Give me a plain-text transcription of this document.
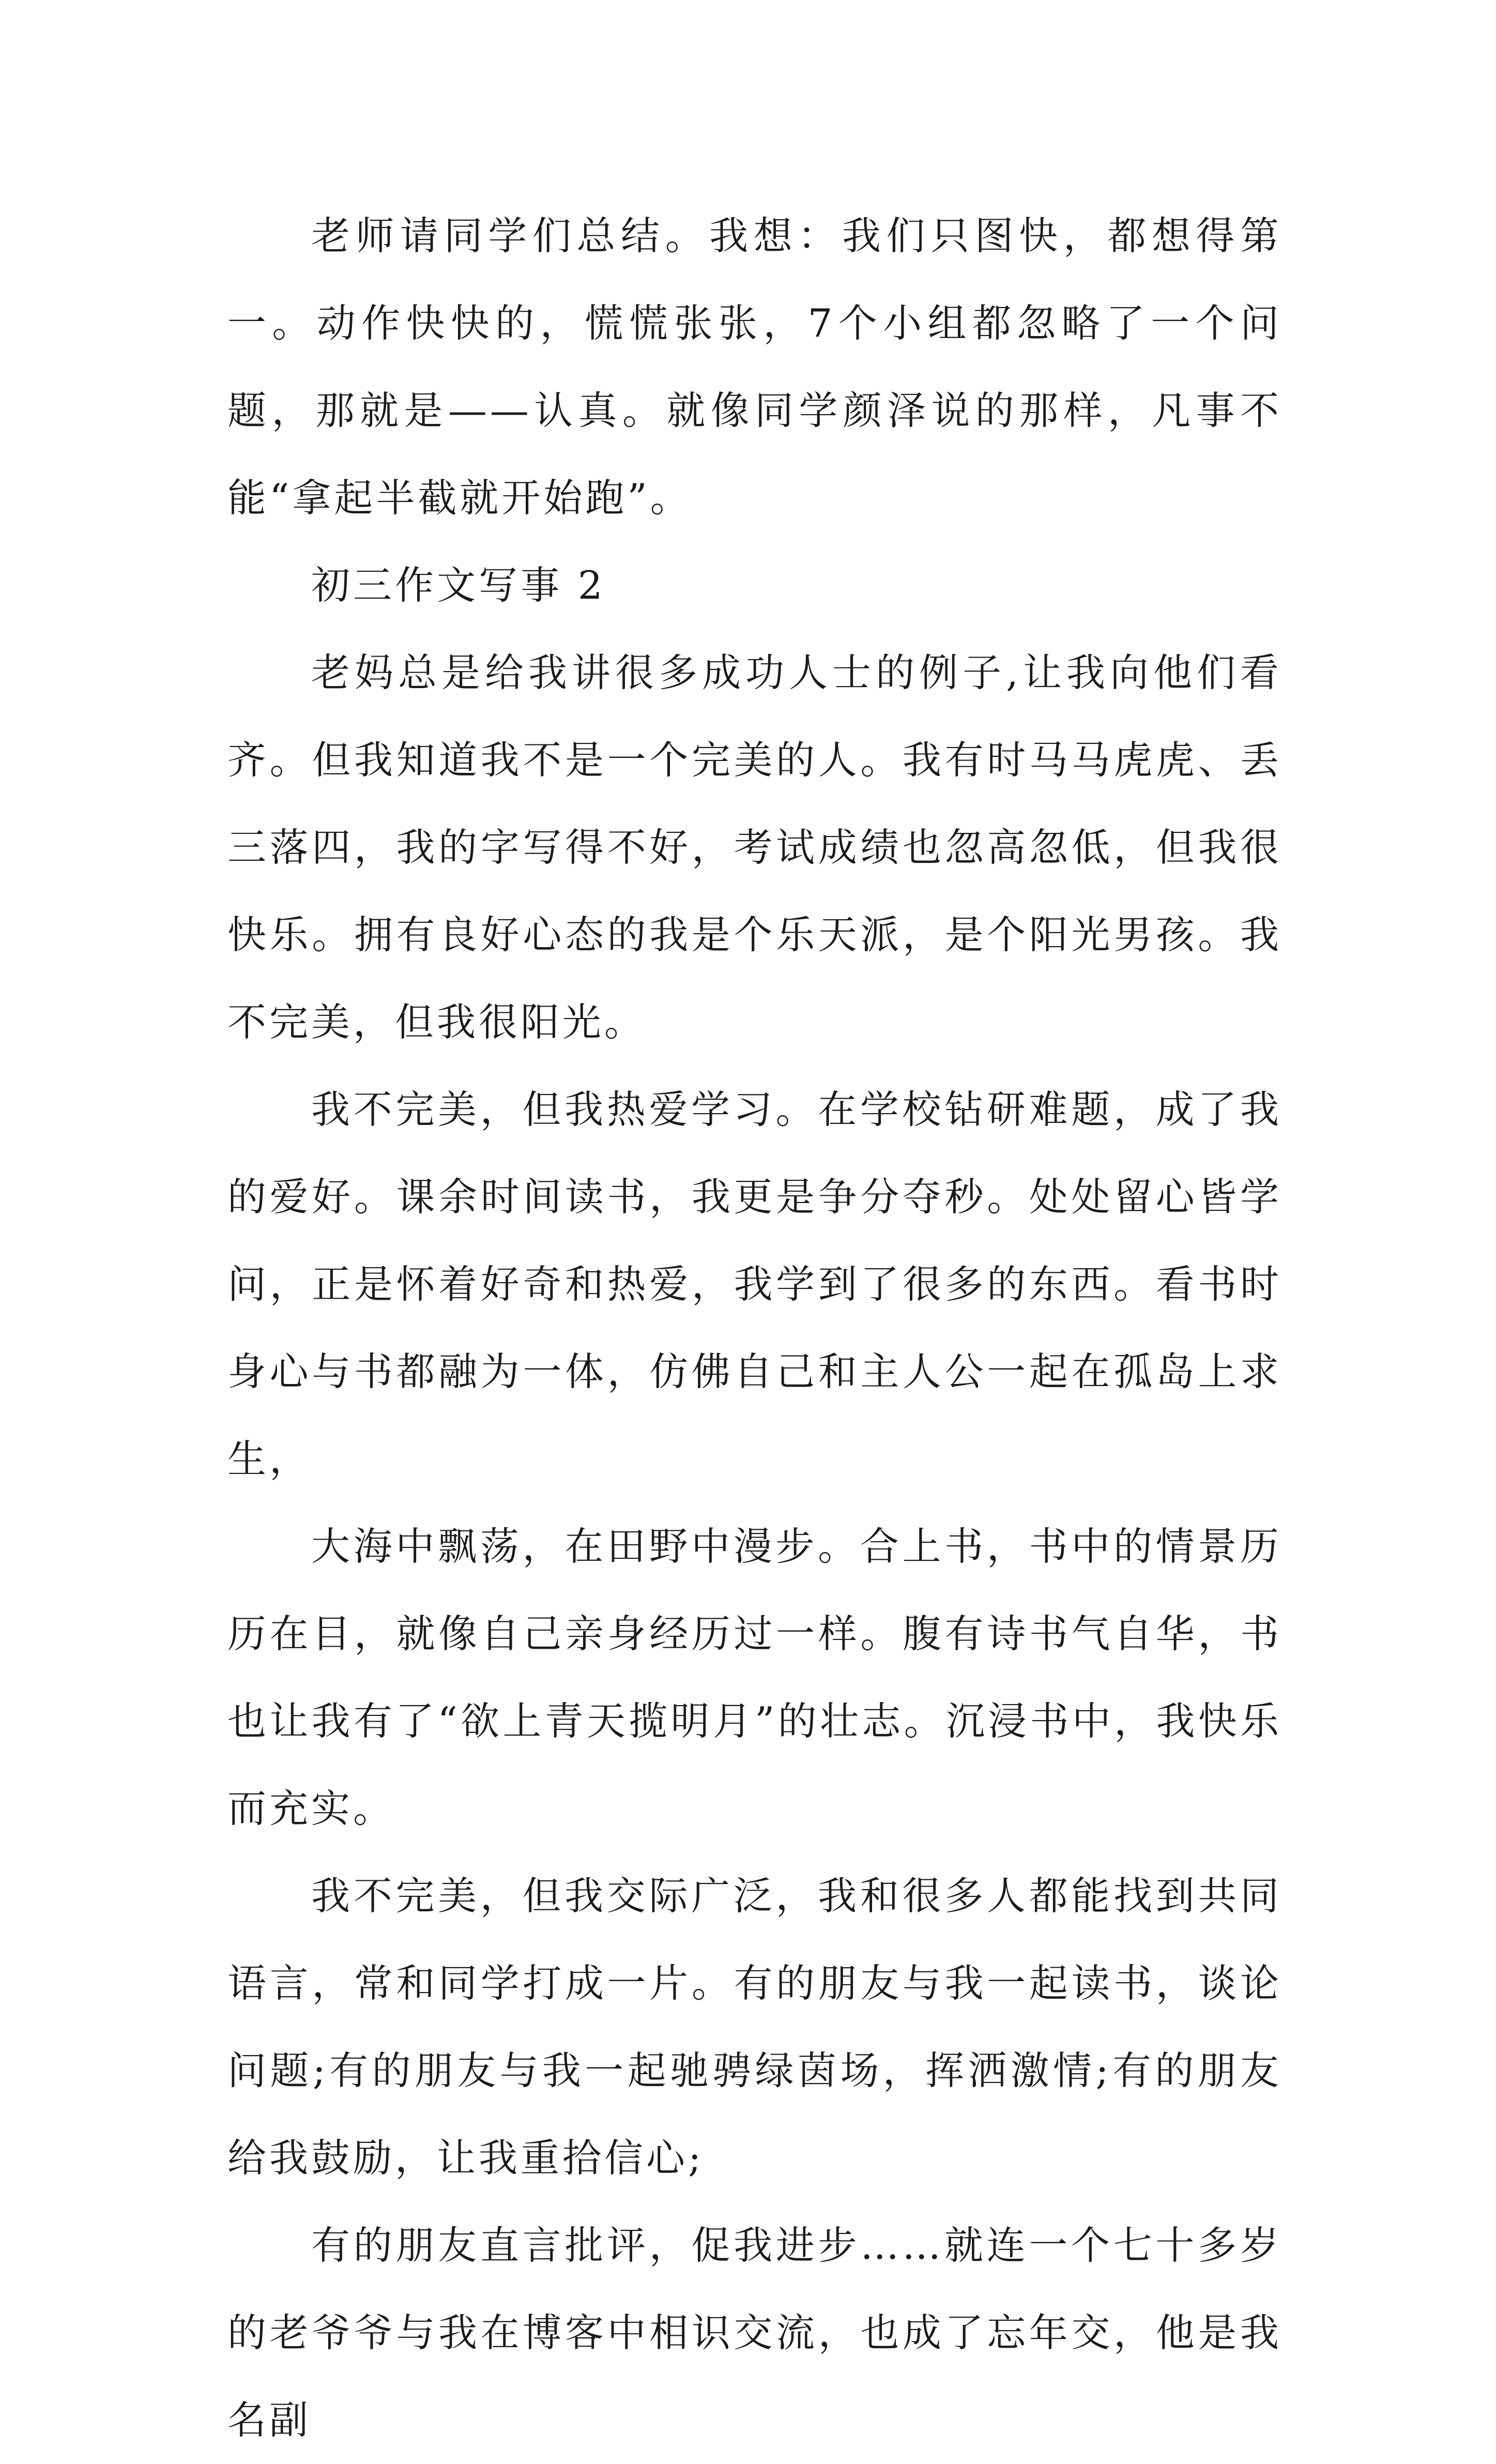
老师请同学们总结。我想：我们只图快，都想得第一。动作快快的，慌慌张张，7个小组都忽略了一个问题，那就是——认真。就像同学颜泽说的那样，凡事不能“拿起半截就开始跑”。

初三作文写事 2

老妈总是给我讲很多成功人士的例子,让我向他们看齐。但我知道我不是一个完美的人。我有时马马虎虎、丢三落四，我的字写得不好，考试成绩也忽高忽低，但我很快乐。拥有良好心态的我是个乐天派，是个阳光男孩。我不完美，但我很阳光。

我不完美，但我热爱学习。在学校钻研难题，成了我的爱好。课余时间读书，我更是争分夺秒。处处留心皆学问，正是怀着好奇和热爱，我学到了很多的东西。看书时身心与书都融为一体，仿佛自己和主人公一起在孤岛上求生，

大海中飘荡，在田野中漫步。合上书，书中的情景历历在目，就像自己亲身经历过一样。腹有诗书气自华，书也让我有了“欲上青天揽明月”的壮志。沉浸书中，我快乐而充实。

我不完美，但我交际广泛，我和很多人都能找到共同语言，常和同学打成一片。有的朋友与我一起读书，谈论问题;有的朋友与我一起驰骋绿茵场，挥洒激情;有的朋友给我鼓励，让我重拾信心;

有的朋友直言批评，促我进步……就连一个七十多岁的老爷爷与我在博客中相识交流，也成了忘年交，他是我名副
